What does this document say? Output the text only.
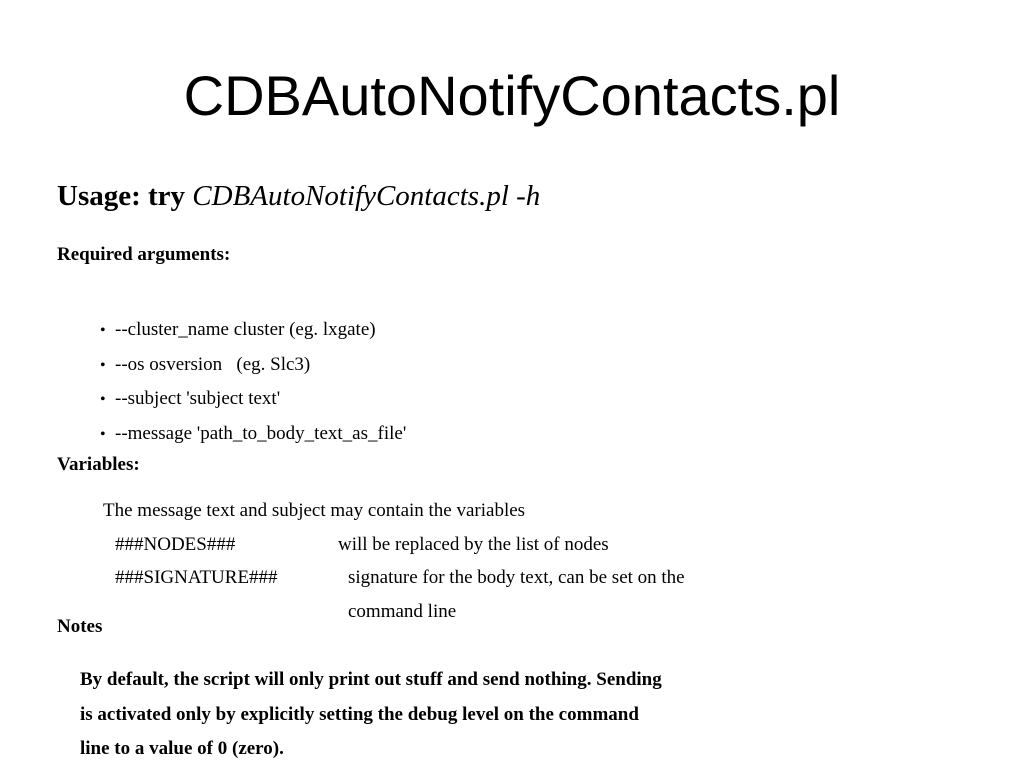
CDBAutoNotifyContacts.pl
Usage: try CDBAutoNotifyContacts.pl -h
Required arguments:
• --cluster_name cluster (eg. lxgate)
• --os osversion   (eg. Slc3)
• --subject 'subject text'
• --message 'path_to_body_text_as_file'
Variables:
The message text and subject may contain the variables
###NODES###	will be replaced by the list of nodes
###SIGNATURE###	signature for the body text, can be set on the
command line
Notes
By default, the script will only print out stuff and send nothing. Sending
is activated only by explicitly setting the debug level on the command
line to a value of 0 (zero).
